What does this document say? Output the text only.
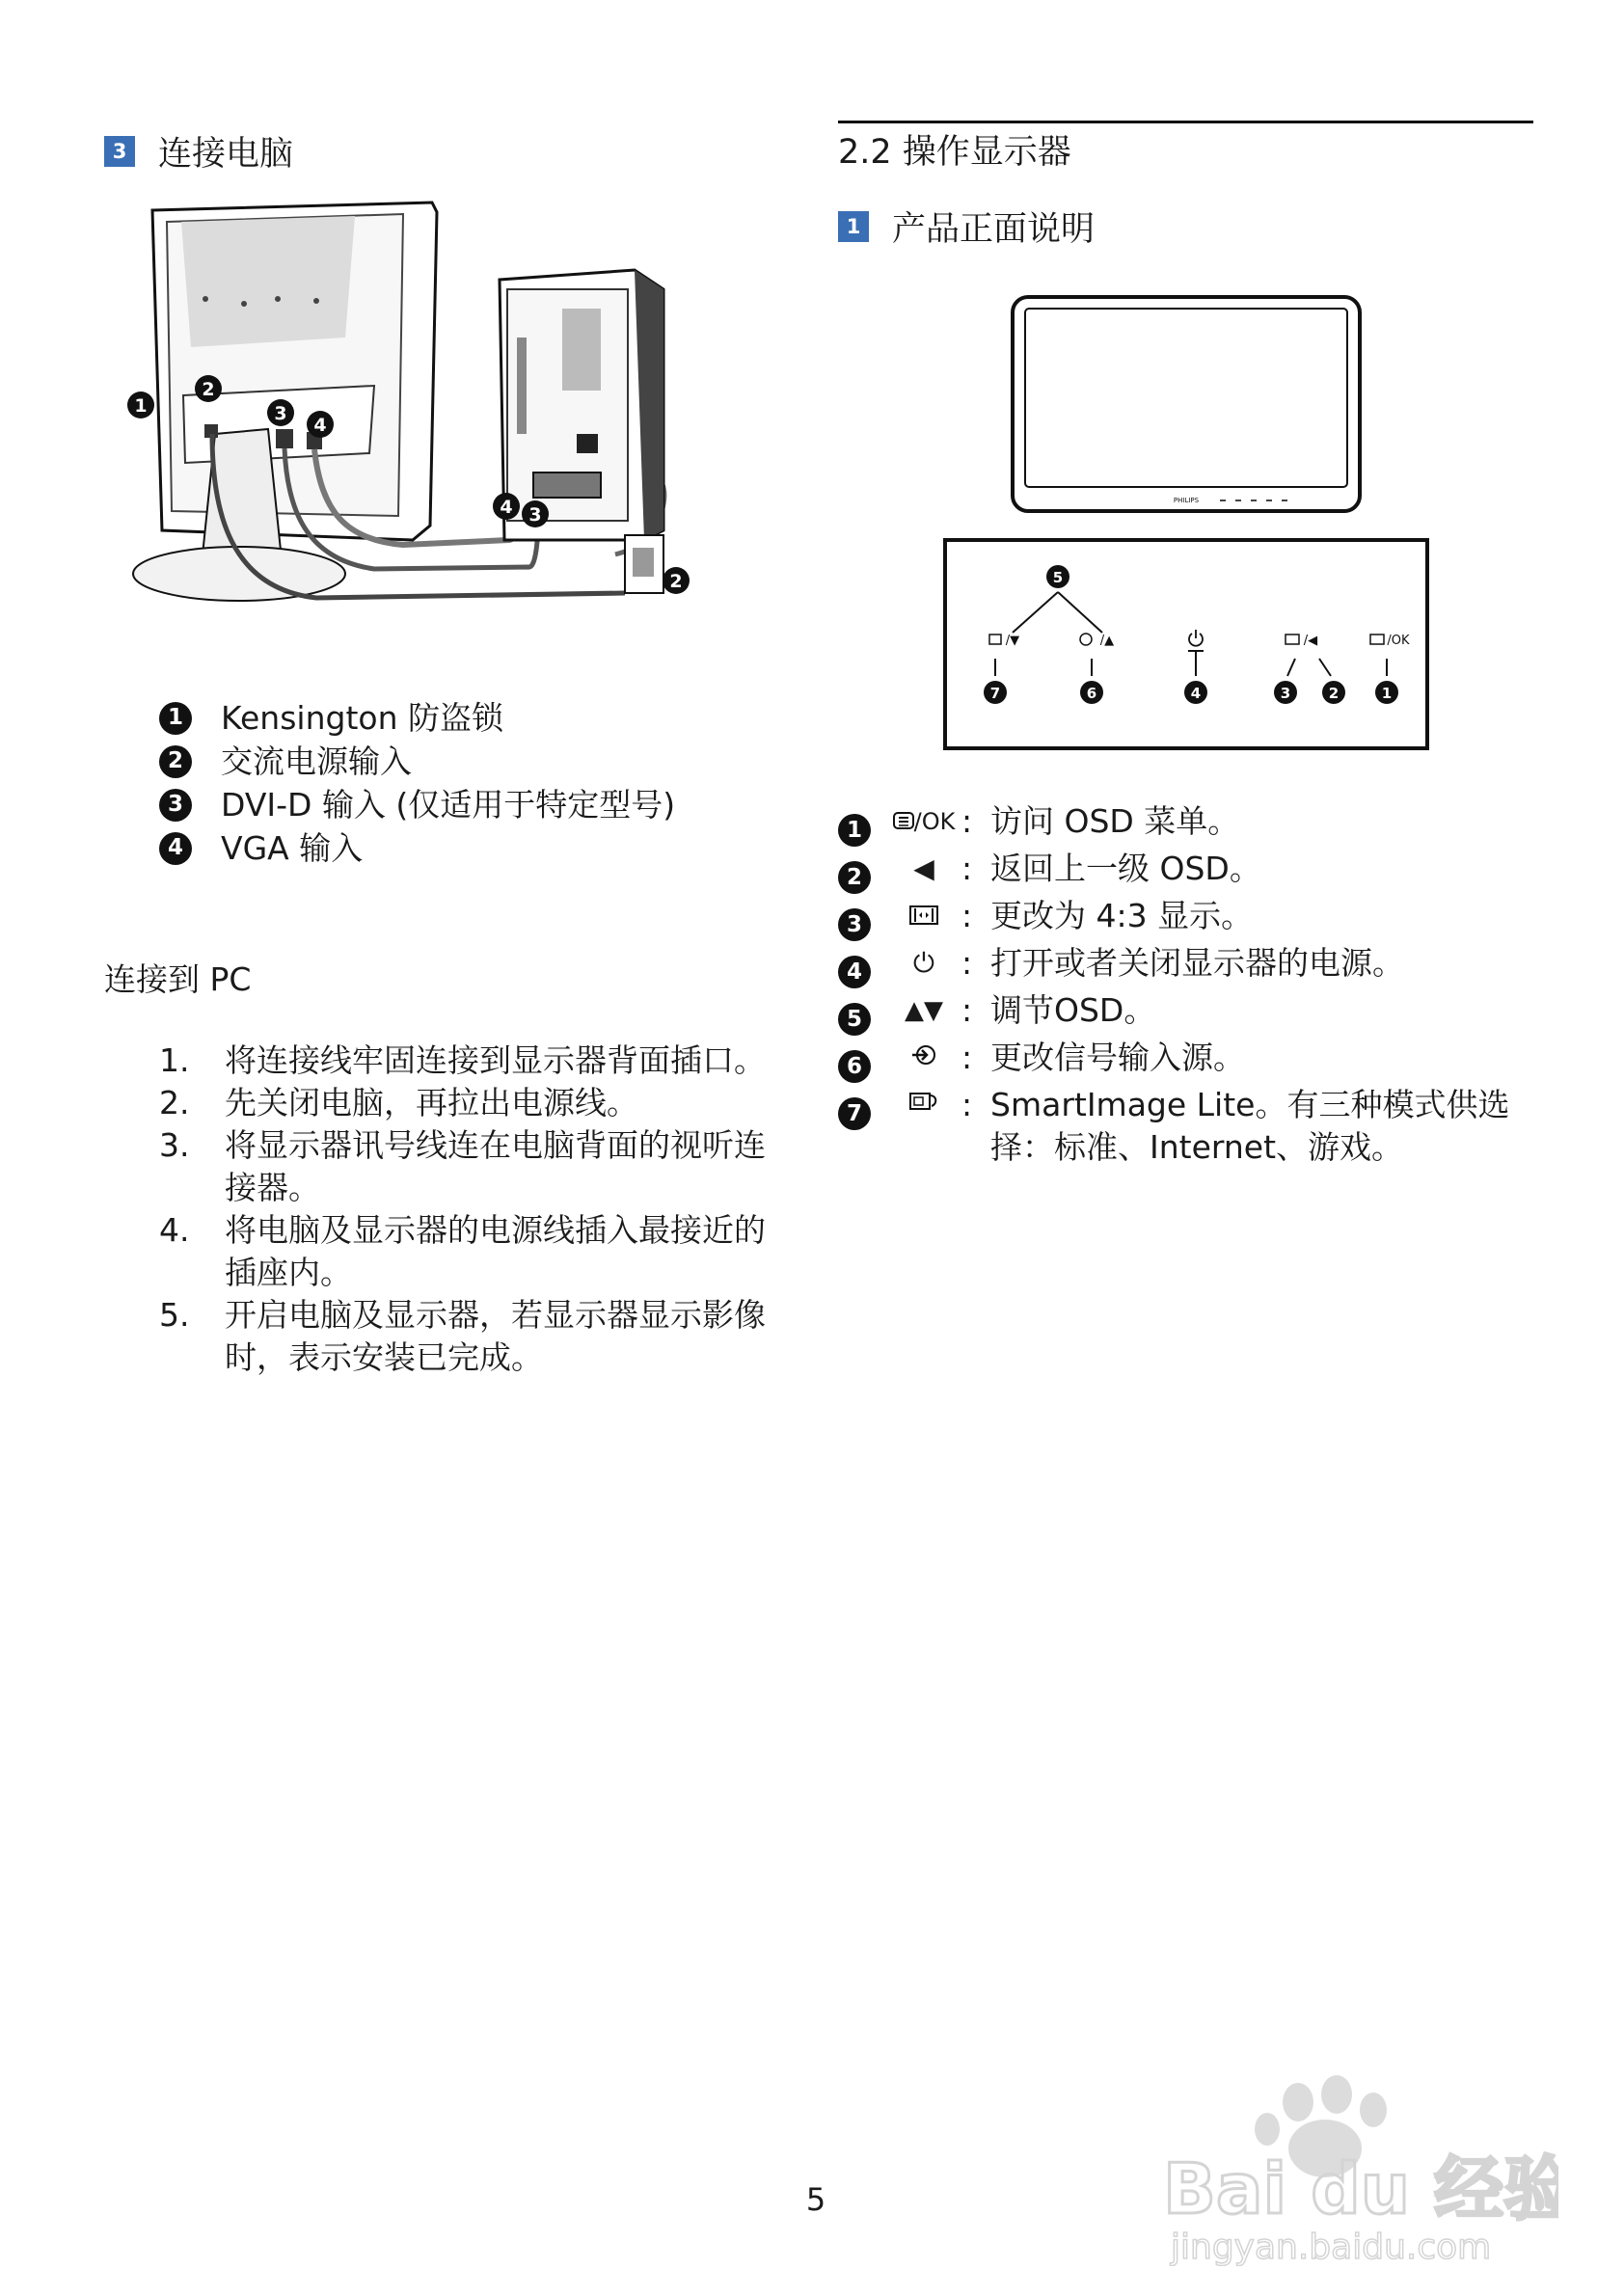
3 连接电脑
1
2
3
4
4 3
2
1 Kensington 防盗锁
2 交流电源输入
3 DVI-D 输入 (仅适用于特定型号)
4 VGA 输入
连接到 PC
1.	将连接线牢固连接到显示器背面插口。
2.	先关闭电脑，再拉出电源线。
3.	将显示器讯号线连在电脑背面的视听连接器。
4.	将电脑及显示器的电源线插入最接近的插座内。
5.	开启电脑及显示器，若显示器显示影像时，表示安装已完成。
2.2 操作显示器
1 产品正面说明
PHILIPS
/▼	/▲	/◀	/OK
5
7	6	4	3	2	1
1	/OK : 访问 OSD 菜单。
2	◀ : 返回上一级 OSD。
3	: 更改为 4:3 显示。
4	⏻ : 打开或者关闭显示器的电源。
5	▲▼ : 调节OSD。
6	: 更改信号输入源。
7	: SmartImage Lite。有三种模式供选择：标准、Internet、游戏。
5	Bai du 经验
jingyan.baidu.com
